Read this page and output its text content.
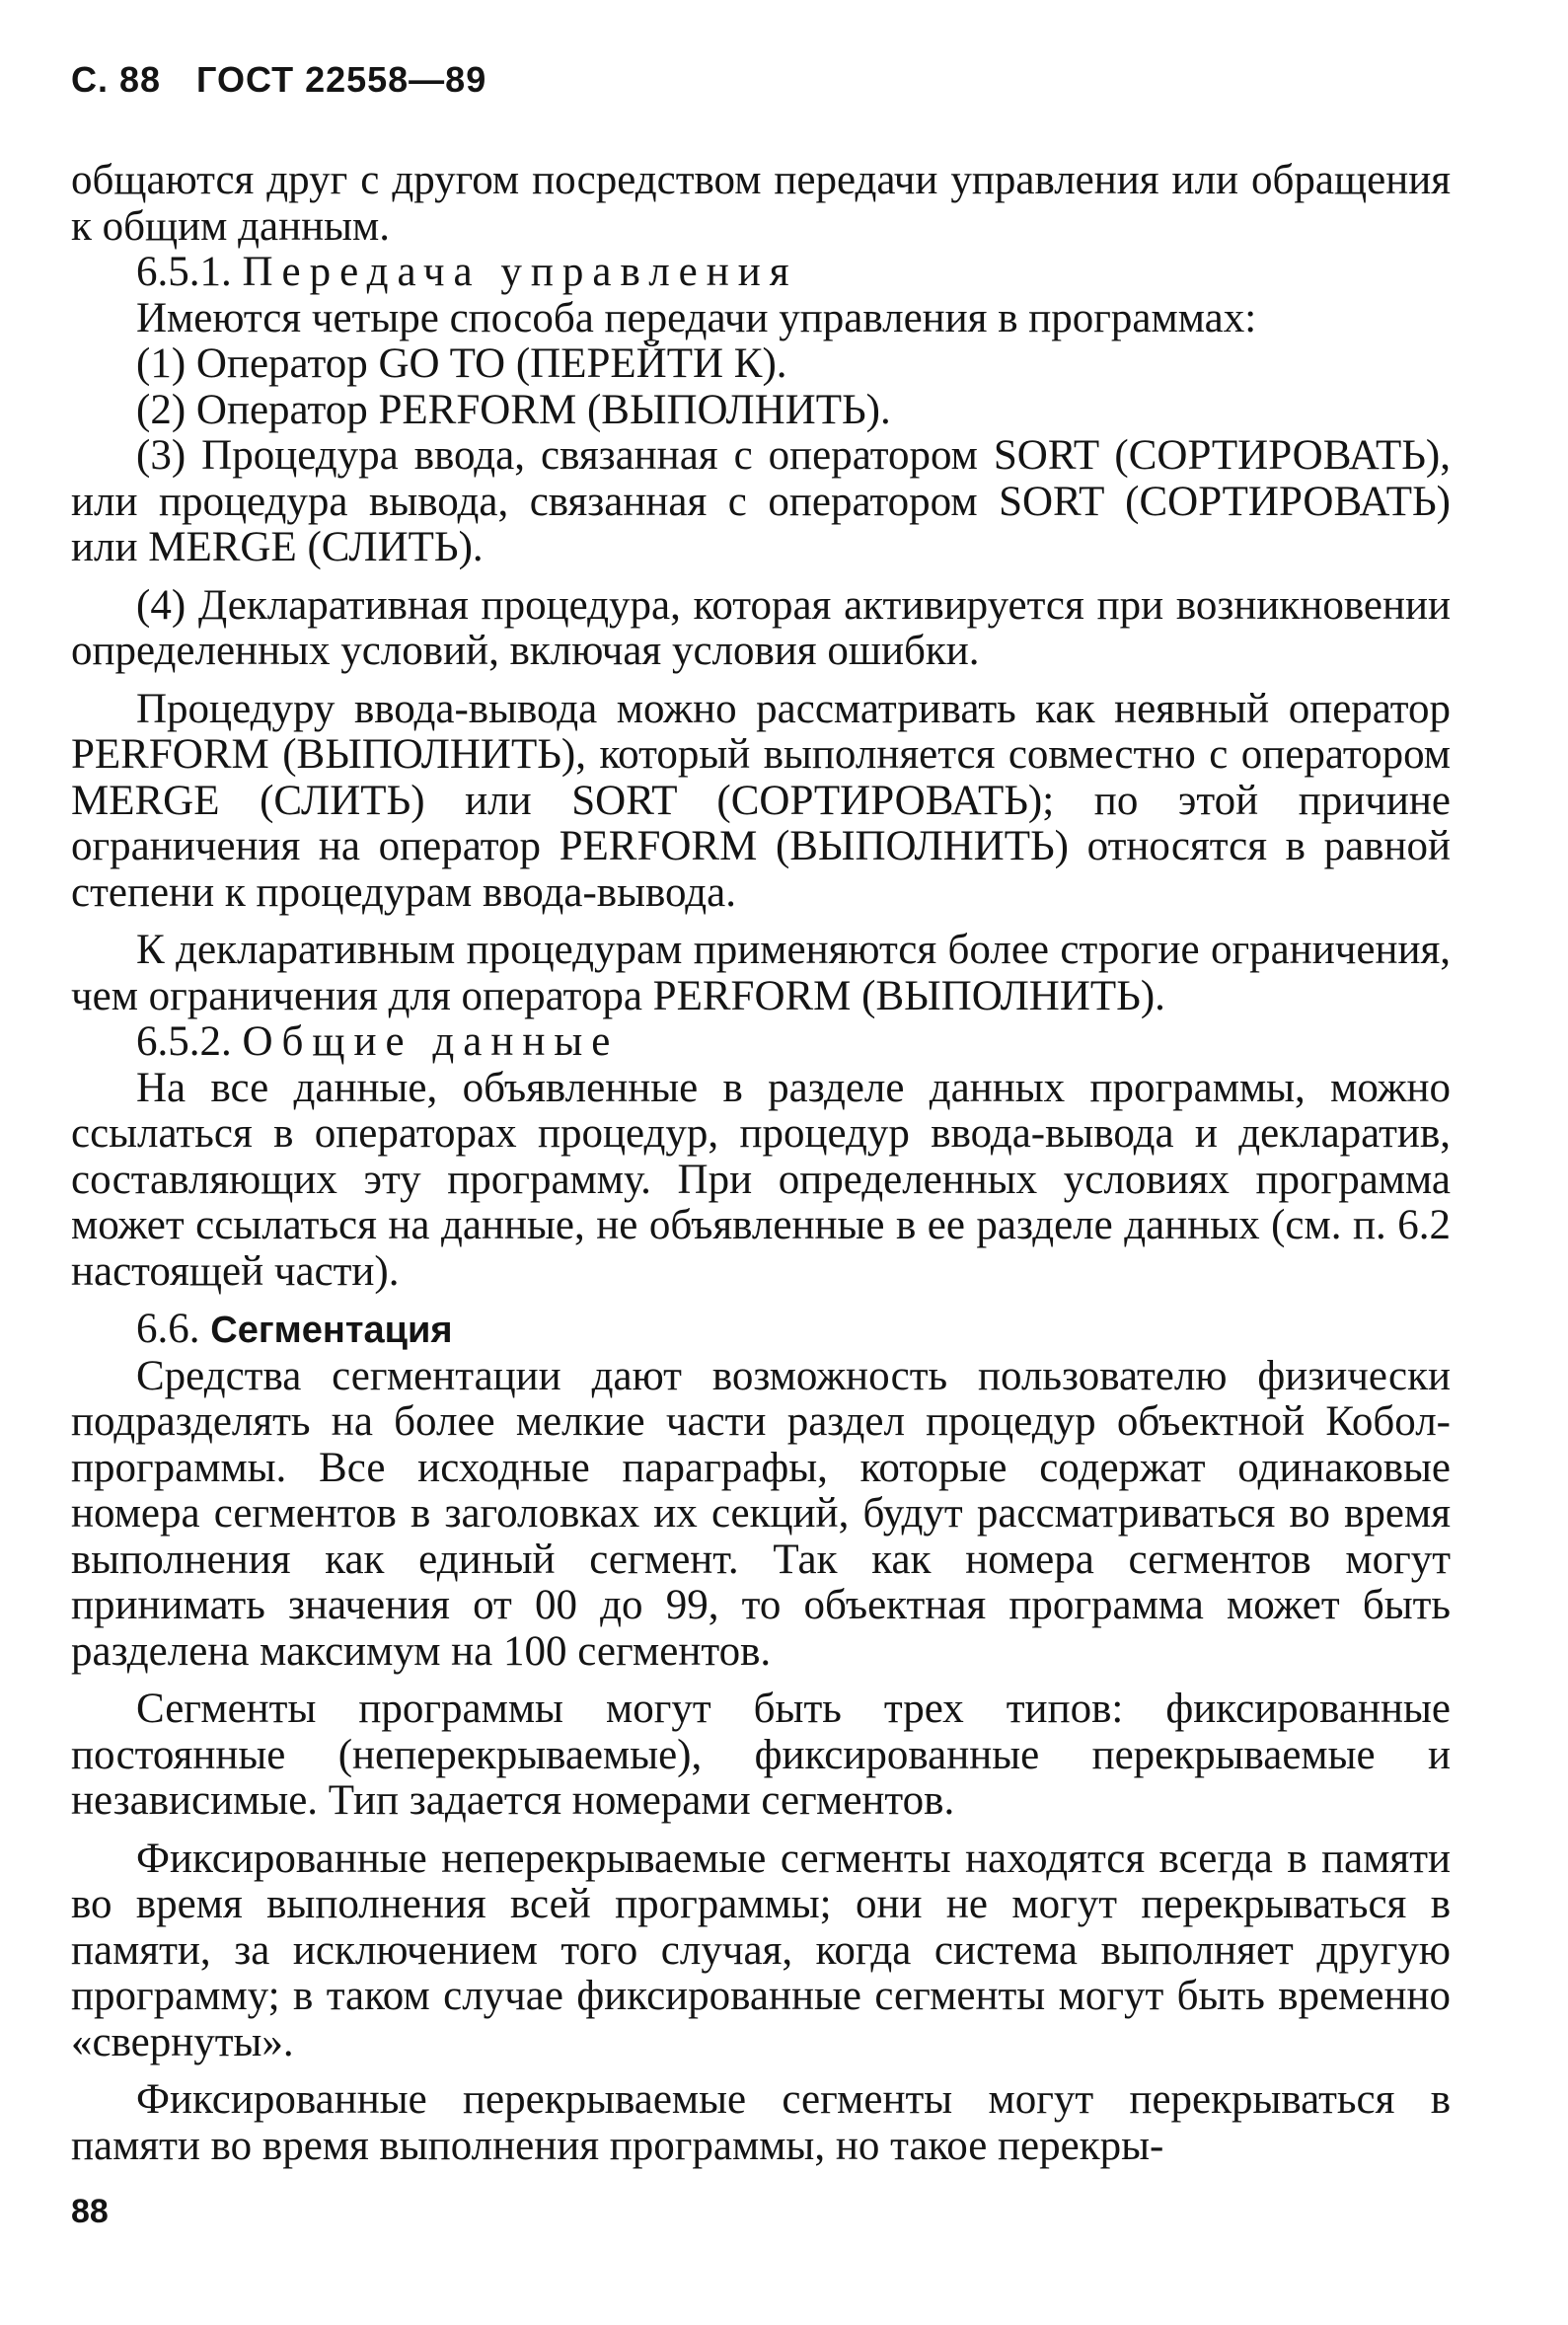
С. 88 ГОСТ 22558—89

общаются друг с другом посредством передачи управления или обращения к общим данным.

6.5.1. Передача управления

Имеются четыре способа передачи управления в программах:

(1) Оператор GO TO (ПЕРЕЙТИ К).

(2) Оператор PERFORM (ВЫПОЛНИТЬ).

(3) Процедура ввода, связанная с оператором SORT (СОРТИРОВАТЬ), или процедура вывода, связанная с оператором SORT (СОРТИРОВАТЬ) или MERGE (СЛИТЬ).

(4) Декларативная процедура, которая активируется при возникновении определенных условий, включая условия ошибки.

Процедуру ввода-вывода можно рассматривать как неявный оператор PERFORM (ВЫПОЛНИТЬ), который выполняется совместно с оператором MERGE (СЛИТЬ) или SORT (СОРТИРОВАТЬ); по этой причине ограничения на оператор PERFORM (ВЫПОЛНИТЬ) относятся в равной степени к процедурам ввода-вывода.

К декларативным процедурам применяются более строгие ограничения, чем ограничения для оператора PERFORM (ВЫПОЛНИТЬ).

6.5.2. Общие данные

На все данные, объявленные в разделе данных программы, можно ссылаться в операторах процедур, процедур ввода-вывода и декларатив, составляющих эту программу. При определенных условиях программа может ссылаться на данные, не объявленные в ее разделе данных (см. п. 6.2 настоящей части).

6.6. Сегментация

Средства сегментации дают возможность пользователю физически подразделять на более мелкие части раздел процедур объектной Кобол-программы. Все исходные параграфы, которые содержат одинаковые номера сегментов в заголовках их секций, будут рассматриваться во время выполнения как единый сегмент. Так как номера сегментов могут принимать значения от 00 до 99, то объектная программа может быть разделена максимум на 100 сегментов.

Сегменты программы могут быть трех типов: фиксированные постоянные (неперекрываемые), фиксированные перекрываемые и независимые. Тип задается номерами сегментов.

Фиксированные неперекрываемые сегменты находятся всегда в памяти во время выполнения всей программы; они не могут перекрываться в памяти, за исключением того случая, когда система выполняет другую программу; в таком случае фиксированные сегменты могут быть временно «свернуты».

Фиксированные перекрываемые сегменты могут перекрываться в памяти во время выполнения программы, но такое перекры-

88
